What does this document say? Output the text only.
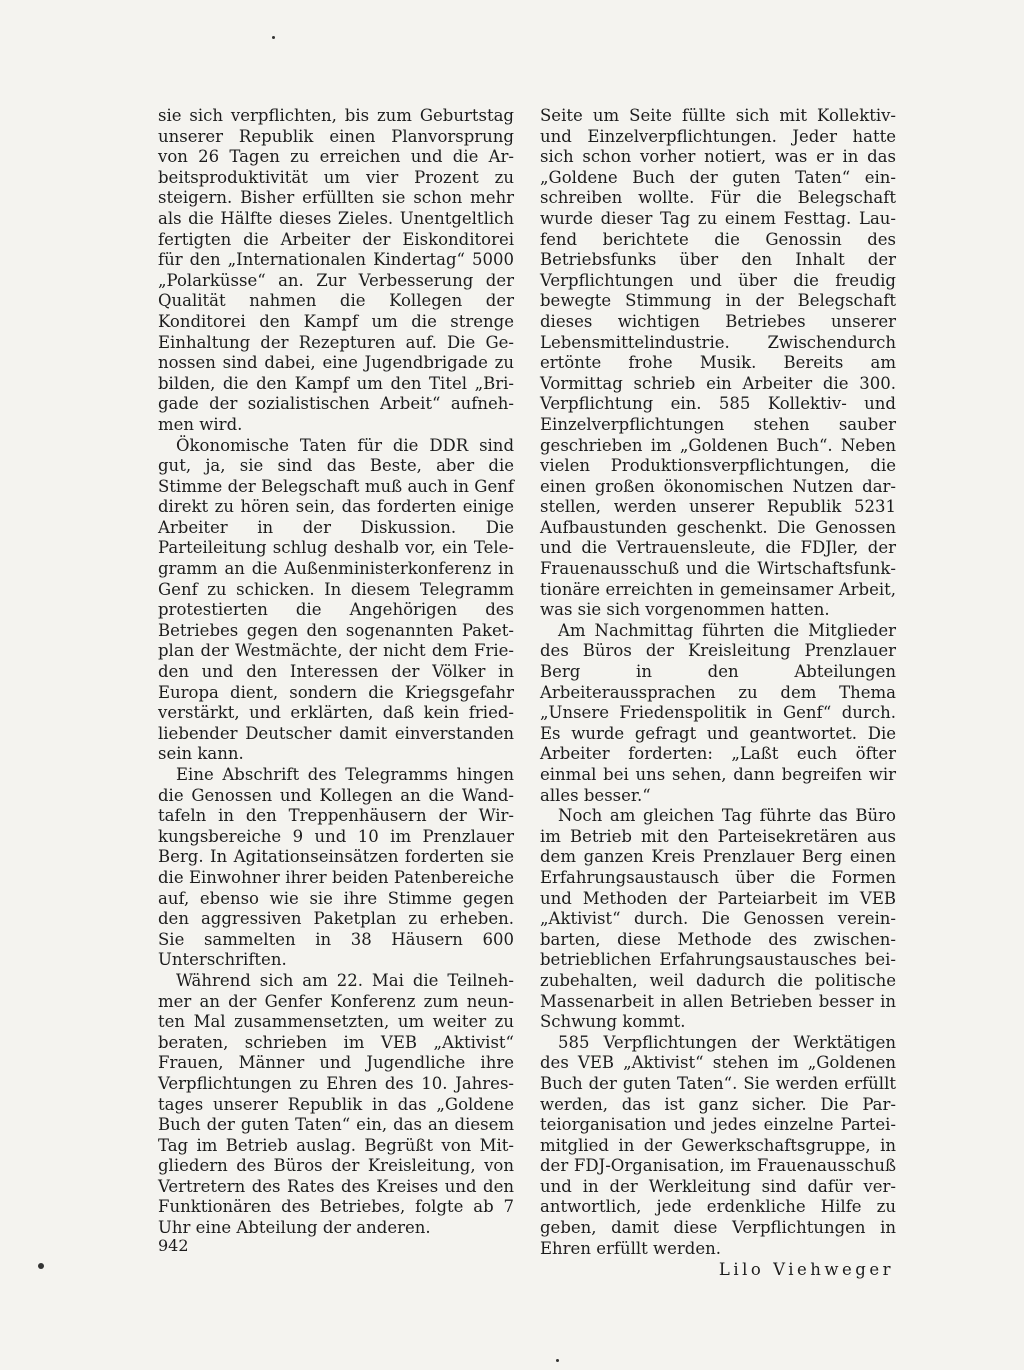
sie sich verpflichten, bis zum Geburtstag unserer Republik einen Planvorsprung von 26 Tagen zu erreichen und die Arbeitsproduktivität um vier Prozent zu steigern. Bisher erfüllten sie schon mehr als die Hälfte dieses Zieles. Unentgeltlich fertigten die Arbeiter der Eiskonditorei für den „Internationalen Kindertag“ 5000 „Polarküsse“ an. Zur Verbesserung der Qualität nahmen die Kollegen der Konditorei den Kampf um die strenge Einhaltung der Rezepturen auf. Die Genossen sind dabei, eine Jugendbrigade zu bilden, die den Kampf um den Titel „Brigade der sozialistischen Arbeit“ aufnehmen wird.

Ökonomische Taten für die DDR sind gut, ja, sie sind das Beste, aber die Stimme der Belegschaft muß auch in Genf direkt zu hören sein, das forderten einige Arbeiter in der Diskussion. Die Parteileitung schlug deshalb vor, ein Telegramm an die Außenministerkonferenz in Genf zu schicken. In diesem Telegramm protestierten die Angehörigen des Betriebes gegen den sogenannten Paketplan der Westmächte, der nicht dem Frieden und den Interessen der Völker in Europa dient, sondern die Kriegsgefahr verstärkt, und erklärten, daß kein friedliebender Deutscher damit einverstanden sein kann.

Eine Abschrift des Telegramms hingen die Genossen und Kollegen an die Wandtafeln in den Treppenhäusern der Wirkungsbereiche 9 und 10 im Prenzlauer Berg. In Agitationseinsätzen forderten sie die Einwohner ihrer beiden Patenbereiche auf, ebenso wie sie ihre Stimme gegen den aggressiven Paketplan zu erheben. Sie sammelten in 38 Häusern 600 Unterschriften.

Während sich am 22. Mai die Teilnehmer an der Genfer Konferenz zum neunten Mal zusammensetzten, um weiter zu beraten, schrieben im VEB „Aktivist“ Frauen, Männer und Jugendliche ihre Verpflichtungen zu Ehren des 10. Jahrestages unserer Republik in das „Goldene Buch der guten Taten“ ein, das an diesem Tag im Betrieb auslag. Begrüßt von Mitgliedern des Büros der Kreisleitung, von Vertretern des Rates des Kreises und den Funktionären des Betriebes, folgte ab 7 Uhr eine Abteilung der anderen.

Seite um Seite füllte sich mit Kollektiv- und Einzelverpflichtungen. Jeder hatte sich schon vorher notiert, was er in das „Goldene Buch der guten Taten“ einschreiben wollte. Für die Belegschaft wurde dieser Tag zu einem Festtag. Laufend berichtete die Genossin des Betriebsfunks über den Inhalt der Verpflichtungen und über die freudig bewegte Stimmung in der Belegschaft dieses wichtigen Betriebes unserer Lebensmittelindustrie. Zwischendurch ertönte frohe Musik. Bereits am Vormittag schrieb ein Arbeiter die 300. Verpflichtung ein. 585 Kollektiv- und Einzelverpflichtungen stehen sauber geschrieben im „Goldenen Buch“. Neben vielen Produktionsverpflichtungen, die einen großen ökonomischen Nutzen darstellen, werden unserer Republik 5231 Aufbaustunden geschenkt. Die Genossen und die Vertrauensleute, die FDJler, der Frauenausschuß und die Wirtschaftsfunktionäre erreichten in gemeinsamer Arbeit, was sie sich vorgenommen hatten.

Am Nachmittag führten die Mitglieder des Büros der Kreisleitung Prenzlauer Berg in den Abteilungen Arbeiteraussprachen zu dem Thema „Unsere Friedenspolitik in Genf“ durch. Es wurde gefragt und geantwortet. Die Arbeiter forderten: „Laßt euch öfter einmal bei uns sehen, dann begreifen wir alles besser.“

Noch am gleichen Tag führte das Büro im Betrieb mit den Parteisekretären aus dem ganzen Kreis Prenzlauer Berg einen Erfahrungsaustausch über die Formen und Methoden der Parteiarbeit im VEB „Aktivist“ durch. Die Genossen vereinbarten, diese Methode des zwischenbetrieblichen Erfahrungsaustausches beizubehalten, weil dadurch die politische Massenarbeit in allen Betrieben besser in Schwung kommt.

585 Verpflichtungen der Werktätigen des VEB „Aktivist“ stehen im „Goldenen Buch der guten Taten“. Sie werden erfüllt werden, das ist ganz sicher. Die Parteiorganisation und jedes einzelne Parteimitglied in der Gewerkschaftsgruppe, in der FDJ-Organisation, im Frauenausschuß und in der Werkleitung sind dafür verantwortlich, jede erdenkliche Hilfe zu geben, damit diese Verpflichtungen in Ehren erfüllt werden.

Lilo Viehweger
942
